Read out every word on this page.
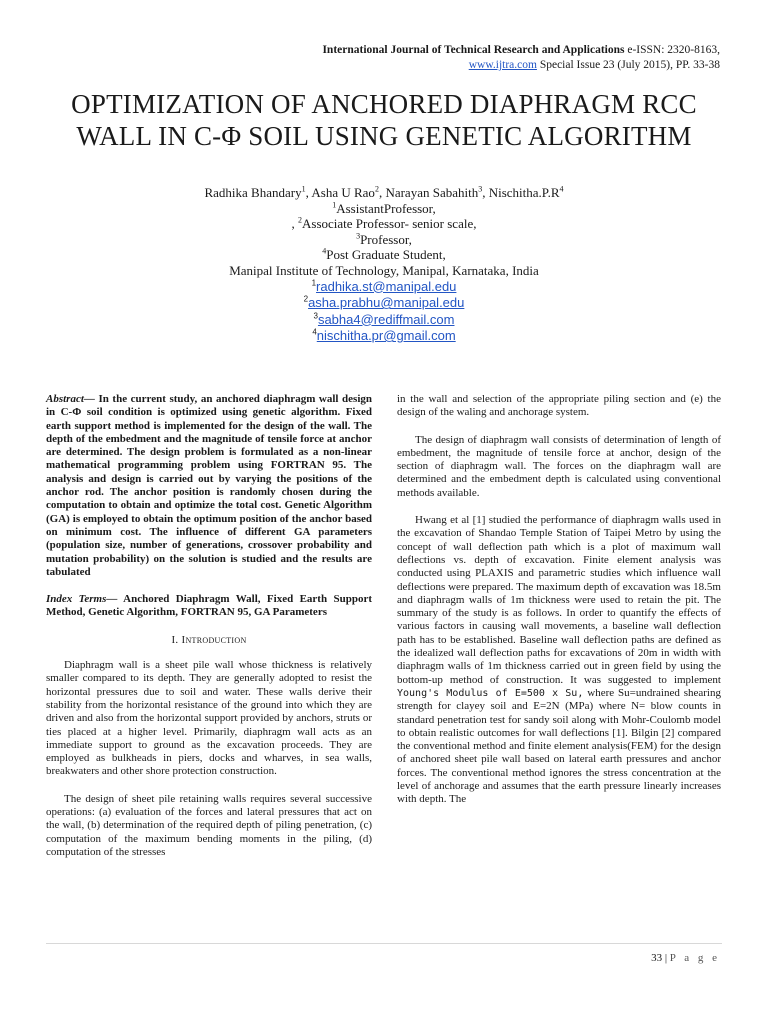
International Journal of Technical Research and Applications e-ISSN: 2320-8163,
www.ijtra.com Special Issue 23 (July 2015), PP. 33-38
OPTIMIZATION OF ANCHORED DIAPHRAGM RCC WALL IN C-Φ SOIL USING GENETIC ALGORITHM
Radhika Bhandary$^1$, Asha U Rao$^2$, Narayan Sabahith$^3$, $Nischitha.P.R^4$
$^1$AssistantProfessor,
, $^2$Associate Professor- senior scale,
$^3$Professor,
$^4$Post Graduate Student,
Manipal Institute of Technology, Manipal, Karnataka, India
$^1$radhika.st@manipal.edu
$^2$asha.prabhu@manipal.edu
$^3$sabha4@rediffmail.com
$^4$nischitha.pr@gmail.com

Abstract— In the current study, an anchored diaphragm wall design in C-Φ soil condition is optimized using genetic algorithm. Fixed earth support method is implemented for the design of the wall. The depth of the embedment and the magnitude of tensile force at anchor are determined. The design problem is formulated as a non-linear mathematical programming problem using FORTRAN 95. The analysis and design is carried out by varying the positions of the anchor rod. The anchor position is randomly chosen during the computation to obtain and optimize the total cost. Genetic Algorithm (GA) is employed to obtain the optimum position of the anchor based on minimum cost. The influence of different GA parameters (population size, number of generations, crossover probability and mutation probability) on the solution is studied and the results are tabulated

Index Terms— Anchored Diaphragm Wall, Fixed Earth Support Method, Genetic Algorithm, FORTRAN 95, GA Parameters

I. Introduction

Diaphragm wall is a sheet pile wall whose thickness is relatively smaller compared to its depth. They are generally adopted to resist the horizontal pressures due to soil and water. These walls derive their stability from the horizontal resistance of the ground into which they are driven and also from the horizontal support provided by anchors, struts or ties placed at a higher level. Primarily, diaphragm wall acts as an immediate support to ground as the excavation proceeds. They are employed as bulkheads in piers, docks and wharves, in sea walls, breakwaters and other shore protection construction.

The design of sheet pile retaining walls requires several successive operations: (a) evaluation of the forces and lateral pressures that act on the wall, (b) determination of the required depth of piling penetration, (c) computation of the maximum bending moments in the piling, (d) computation of the stresses

in the wall and selection of the appropriate piling section and (e) the design of the waling and anchorage system.

The design of diaphragm wall consists of determination of length of embedment, the magnitude of tensile force at anchor, design of the section of diaphragm wall. The forces on the diaphragm wall are determined and the embedment depth is calculated using conventional methods available.

Hwang et al [1] studied the performance of diaphragm walls used in the excavation of Shandao Temple Station of Taipei Metro by using the concept of wall deflection path which is a plot of maximum wall deflections vs. depth of excavation. Finite element analysis was conducted using PLAXIS and parametric studies which influence wall deflections were prepared. The maximum depth of excavation was 18.5m and diaphragm walls of 1m thickness were used to retain the pit. The summary of the study is as follows. In order to quantify the effects of various factors in causing wall movements, a baseline wall deflection path has to be established. Baseline wall deflection paths are defined as the idealized wall deflection paths for excavations of 20m in width with diaphragm walls of 1m thickness carried out in green field by using the bottom-up method of construction. It was suggested to implement Young's Modulus of E=500 x Su, where Su=undrained shearing strength for clayey soil and E=2N (MPa) where N= blow counts in standard penetration test for sandy soil along with Mohr-Coulomb model to obtain realistic outcomes for wall deflections [1]. Bilgin [2] compared the conventional method and finite element analysis(FEM) for the design of anchored sheet pile wall based on lateral earth pressures and anchor forces. The conventional method ignores the stress concentration at the level of anchorage and assumes that the earth pressure linearly increases with depth. The

33 | P a g e
